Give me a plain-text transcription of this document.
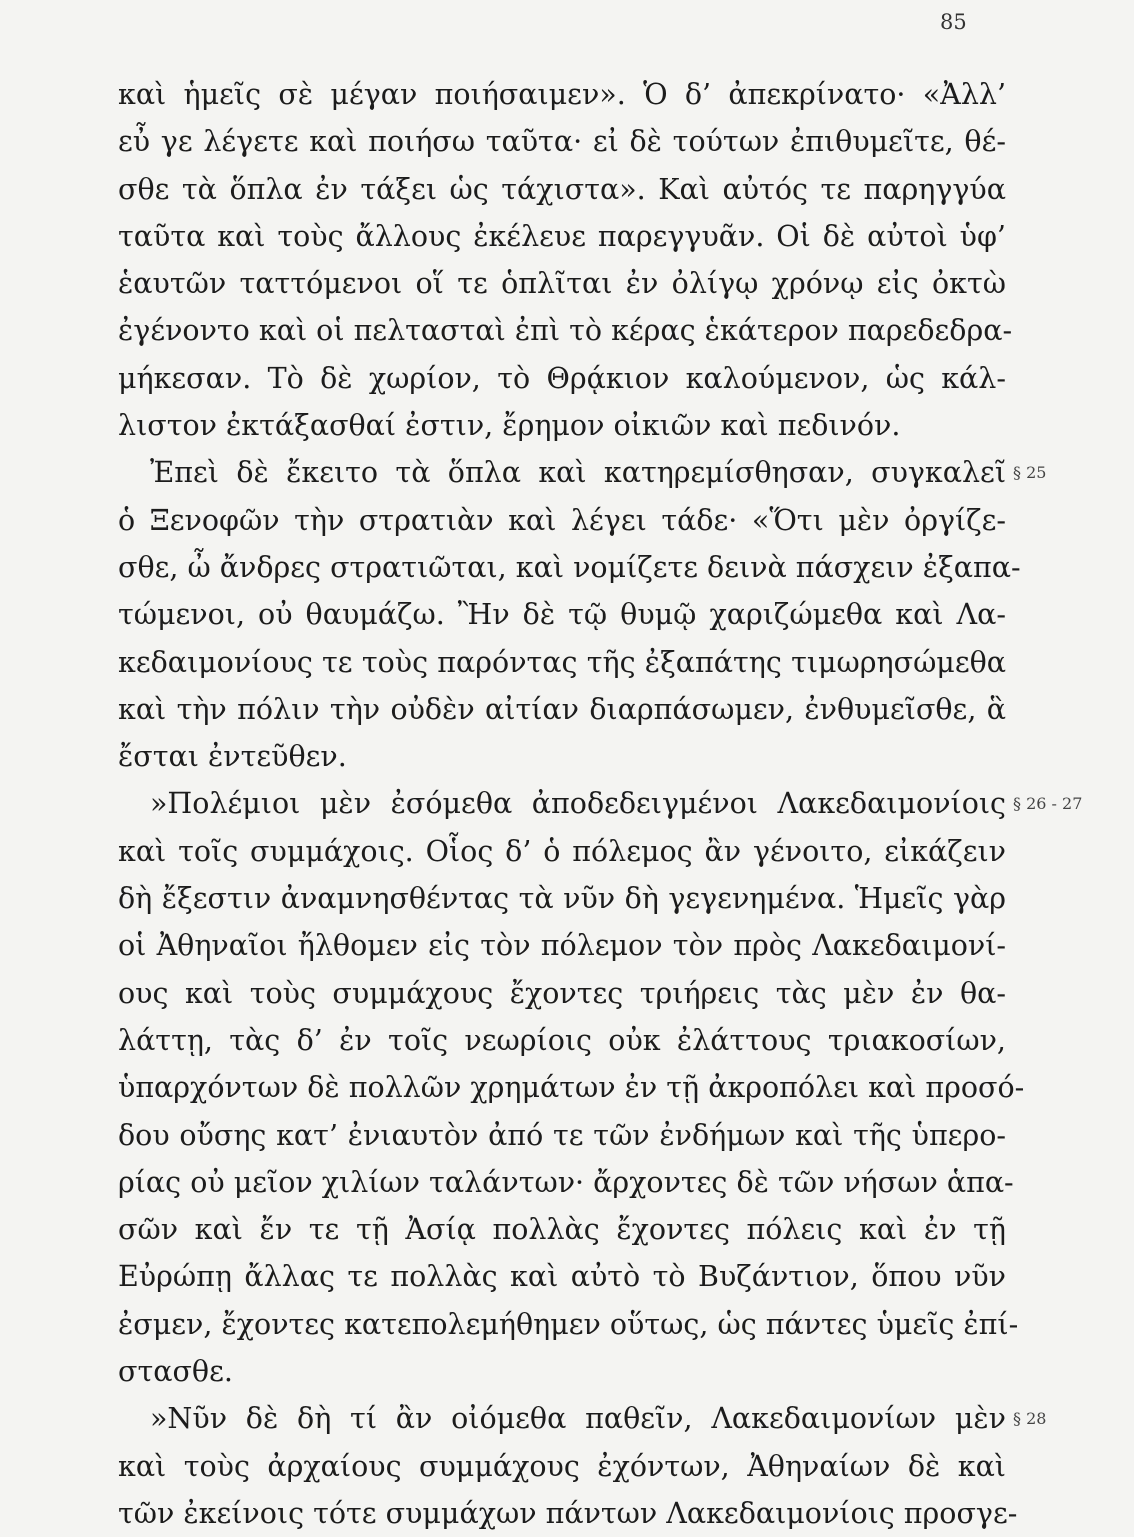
85
καὶ ἡμεῖς σὲ μέγαν ποιήσαιμεν». Ὁ δ’ ἀπεκρίνατο· «Ἀλλ’
εὖ γε λέγετε καὶ ποιήσω ταῦτα· εἰ δὲ τούτων ἐπιθυμεῖτε, θέ-
σθε τὰ ὅπλα ἐν τάξει ὡς τάχιστα». Καὶ αὐτός τε παρηγγύα
ταῦτα καὶ τοὺς ἄλλους ἐκέλευε παρεγγυᾶν. Οἱ δὲ αὐτοὶ ὑφ’
ἑαυτῶν ταττόμενοι οἵ τε ὁπλῖται ἐν ὀλίγῳ χρόνῳ εἰς ὀκτὼ
ἐγένοντο καὶ οἱ πελτασταὶ ἐπὶ τὸ κέρας ἑκάτερον παρεδεδρα-
μήκεσαν. Τὸ δὲ χωρίον, τὸ Θρᾴκιον καλούμενον, ὡς κάλ-
λιστον ἐκτάξασθαί ἐστιν, ἔρημον οἰκιῶν καὶ πεδινόν.
Ἐπεὶ δὲ ἔκειτο τὰ ὅπλα καὶ κατηρεμίσθησαν, συγκαλεῖ § 25
ὁ Ξενοφῶν τὴν στρατιὰν καὶ λέγει τάδε· «Ὅτι μὲν ὀργίζε-
σθε, ὦ ἄνδρες στρατιῶται, καὶ νομίζετε δεινὰ πάσχειν ἐξαπα-
τώμενοι, οὐ θαυμάζω. Ἢν δὲ τῷ θυμῷ χαριζώμεθα καὶ Λα-
κεδαιμονίους τε τοὺς παρόντας τῆς ἐξαπάτης τιμωρησώμεθα
καὶ τὴν πόλιν τὴν οὐδὲν αἰτίαν διαρπάσωμεν, ἐνθυμεῖσθε, ἃ
ἔσται ἐντεῦθεν.
»Πολέμιοι μὲν ἐσόμεθα ἀποδεδειγμένοι Λακεδαιμονίοις § 26 - 27
καὶ τοῖς συμμάχοις. Οἷος δ’ ὁ πόλεμος ἂν γένοιτο, εἰκάζειν
δὴ ἔξεστιν ἀναμνησθέντας τὰ νῦν δὴ γεγενημένα. Ἡμεῖς γὰρ
οἱ Ἀθηναῖοι ἤλθομεν εἰς τὸν πόλεμον τὸν πρὸς Λακεδαιμονί-
ους καὶ τοὺς συμμάχους ἔχοντες τριήρεις τὰς μὲν ἐν θα-
λάττῃ, τὰς δ’ ἐν τοῖς νεωρίοις οὐκ ἐλάττους τριακοσίων,
ὑπαρχόντων δὲ πολλῶν χρημάτων ἐν τῇ ἀκροπόλει καὶ προσό-
δου οὔσης κατ’ ἐνιαυτὸν ἀπό τε τῶν ἐνδήμων καὶ τῆς ὑπερο-
ρίας οὐ μεῖον χιλίων ταλάντων· ἄρχοντες δὲ τῶν νήσων ἁπα-
σῶν καὶ ἔν τε τῇ Ἀσίᾳ πολλὰς ἔχοντες πόλεις καὶ ἐν τῇ
Εὐρώπῃ ἄλλας τε πολλὰς καὶ αὐτὸ τὸ Βυζάντιον, ὅπου νῦν
ἐσμεν, ἔχοντες κατεπολεμήθημεν οὕτως, ὡς πάντες ὑμεῖς ἐπί-
στασθε.
»Νῦν δὲ δὴ τί ἂν οἰόμεθα παθεῖν, Λακεδαιμονίων μὲν § 28
καὶ τοὺς ἀρχαίους συμμάχους ἐχόντων, Ἀθηναίων δὲ καὶ
τῶν ἐκείνοις τότε συμμάχων πάντων Λακεδαιμονίοις προσγε-
